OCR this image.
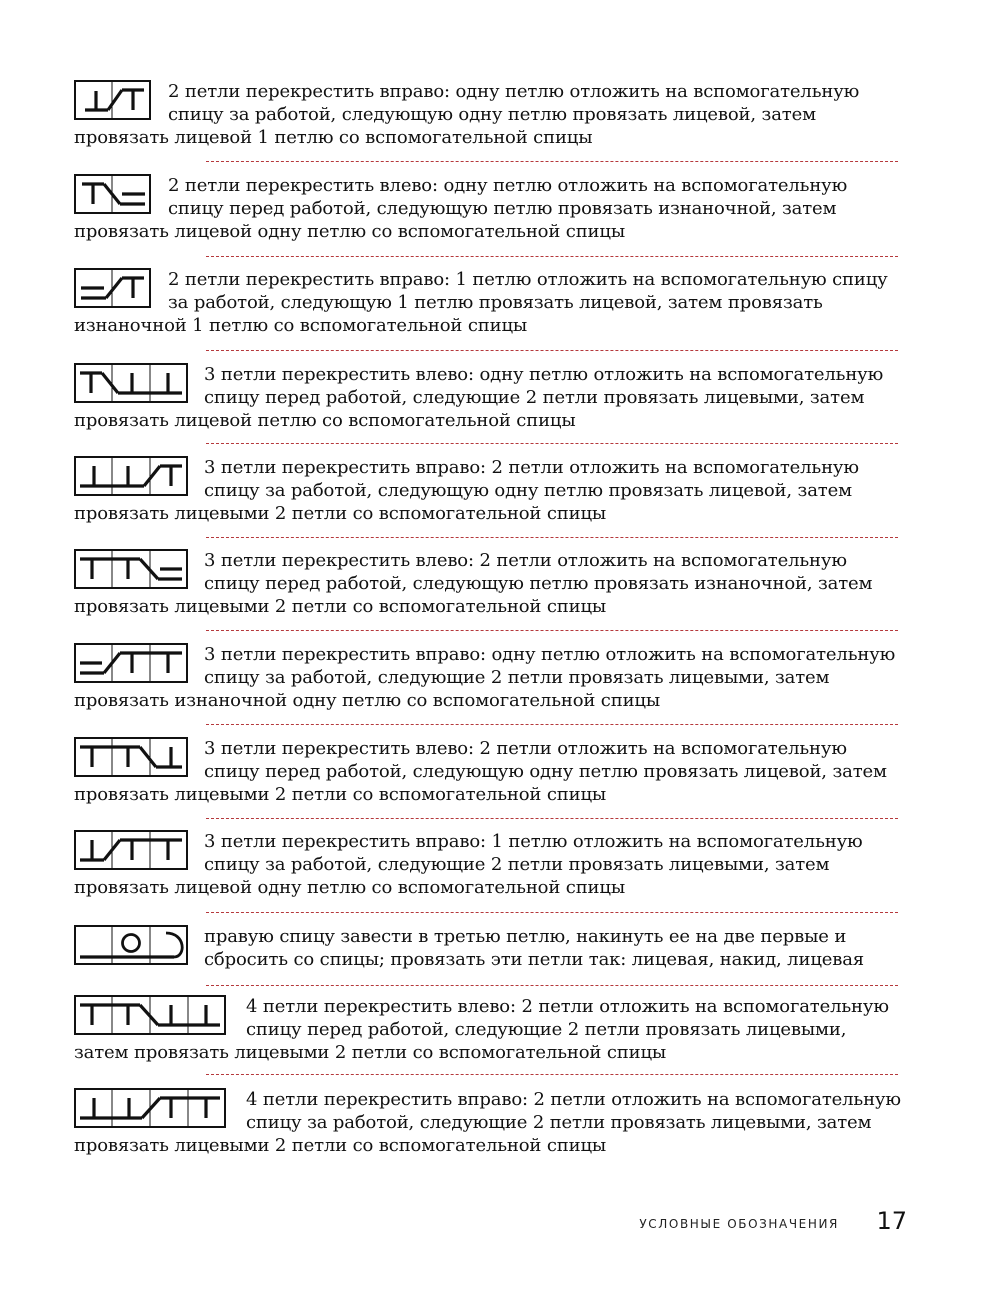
2 петли перекрестить вправо: одну петлю отложить на вспомогательную спицу за работой, следующую одну петлю провязать лицевой, затем провязать лицевой 1 петлю со вспомогательной спицы

2 петли перекрестить влево: одну петлю отложить на вспомогательную спицу перед работой, следующую петлю провязать изнаночной, затем провязать лицевой одну петлю со вспомогательной спицы

2 петли перекрестить вправо: 1 петлю отложить на вспомогательную спицу за работой, следующую 1 петлю провязать лицевой, затем провязать изнаночной 1 петлю со вспомогательной спицы

3 петли перекрестить влево: одну петлю отложить на вспомогательную спицу перед работой, следующие 2 петли провязать лицевыми, затем провязать лицевой петлю со вспомогательной спицы

3 петли перекрестить вправо: 2 петли отложить на вспомогательную спицу за работой, следующую одну петлю провязать лицевой, затем провязать лицевыми 2 петли со вспомогательной спицы

3 петли перекрестить влево: 2 петли отложить на вспомогательную спицу перед работой, следующую петлю провязать изнаночной, затем провязать лицевыми 2 петли со вспомогательной спицы

3 петли перекрестить вправо: одну петлю отложить на вспомогательную спицу за работой, следующие 2 петли провязать лицевыми, затем провязать изнаночной одну петлю со вспомогательной спицы

3 петли перекрестить влево: 2 петли отложить на вспомогательную спицу перед работой, следующую одну петлю провязать лицевой, затем провязать лицевыми 2 петли со вспомогательной спицы

3 петли перекрестить вправо: 1 петлю отложить на вспомогательную спицу за работой, следующие 2 петли провязать лицевыми, затем провязать лицевой одну петлю со вспомогательной спицы

правую спицу завести в третью петлю, накинуть ее на две первые и сбросить со спицы; провязать эти петли так: лицевая, накид, лицевая

4 петли перекрестить влево: 2 петли отложить на вспомогательную спицу перед работой, следующие 2 петли провязать лицевыми, затем провязать лицевыми 2 петли со вспомогательной спицы

4 петли перекрестить вправо: 2 петли отложить на вспомогательную спицу за работой, следующие 2 петли провязать лицевыми, затем провязать лицевыми 2 петли со вспомогательной спицы

УСЛОВНЫЕ ОБОЗНАЧЕНИЯ 17
